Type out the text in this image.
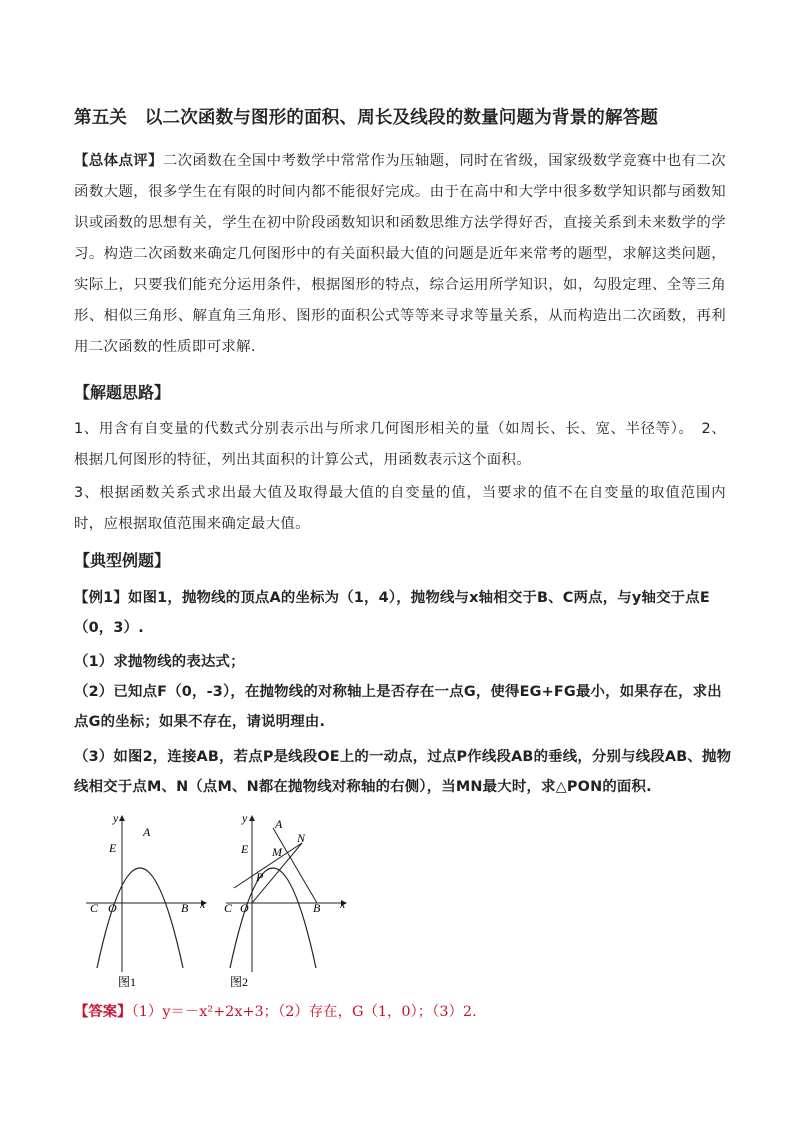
第五关　以二次函数与图形的面积、周长及线段的数量问题为背景的解答题
【总体点评】二次函数在全国中考数学中常常作为压轴题，同时在省级，国家级数学竞赛中也有二次函数大题，很多学生在有限的时间内都不能很好完成。由于在高中和大学中很多数学知识都与函数知识或函数的思想有关，学生在初中阶段函数知识和函数思维方法学得好否，直接关系到未来数学的学习。构造二次函数来确定几何图形中的有关面积最大值的问题是近年来常考的题型，求解这类问题，实际上，只要我们能充分运用条件，根据图形的特点，综合运用所学知识，如，勾股定理、全等三角形、相似三角形、解直角三角形、图形的面积公式等等来寻求等量关系，从而构造出二次函数，再利用二次函数的性质即可求解.
【解题思路】
1、用含有自变量的代数式分别表示出与所求几何图形相关的量（如周长、长、宽、半径等）。　2、根据几何图形的特征，列出其面积的计算公式，用函数表示这个面积。
3、根据函数关系式求出最大值及取得最大值的自变量的值，当要求的值不在自变量的取值范围内时，应根据取值范围来确定最大值。
【典型例题】
【例1】如图1，抛物线的顶点A的坐标为（1，4），抛物线与x轴相交于B、C两点，与y轴交于点E（0，3）.
（1）求抛物线的表达式；
（2）已知点F（0，-3），在抛物线的对称轴上是否存在一点G，使得EG+FG最小，如果存在，求出点G的坐标；如果不存在，请说明理由.
（3）如图2，连接AB，若点P是线段OE上的一动点，过点P作线段AB的垂线，分别与线段AB、抛物线相交于点M、N（点M、N都在抛物线对称轴的右侧），当MN最大时，求△PON的面积.
y
x
A
E
C O	B
图1
y
x
A
N
M
E
P
C O	B
图2
【答案】（1）y＝－x²+2x+3；（2）存在，G（1，0）；（3）2.
